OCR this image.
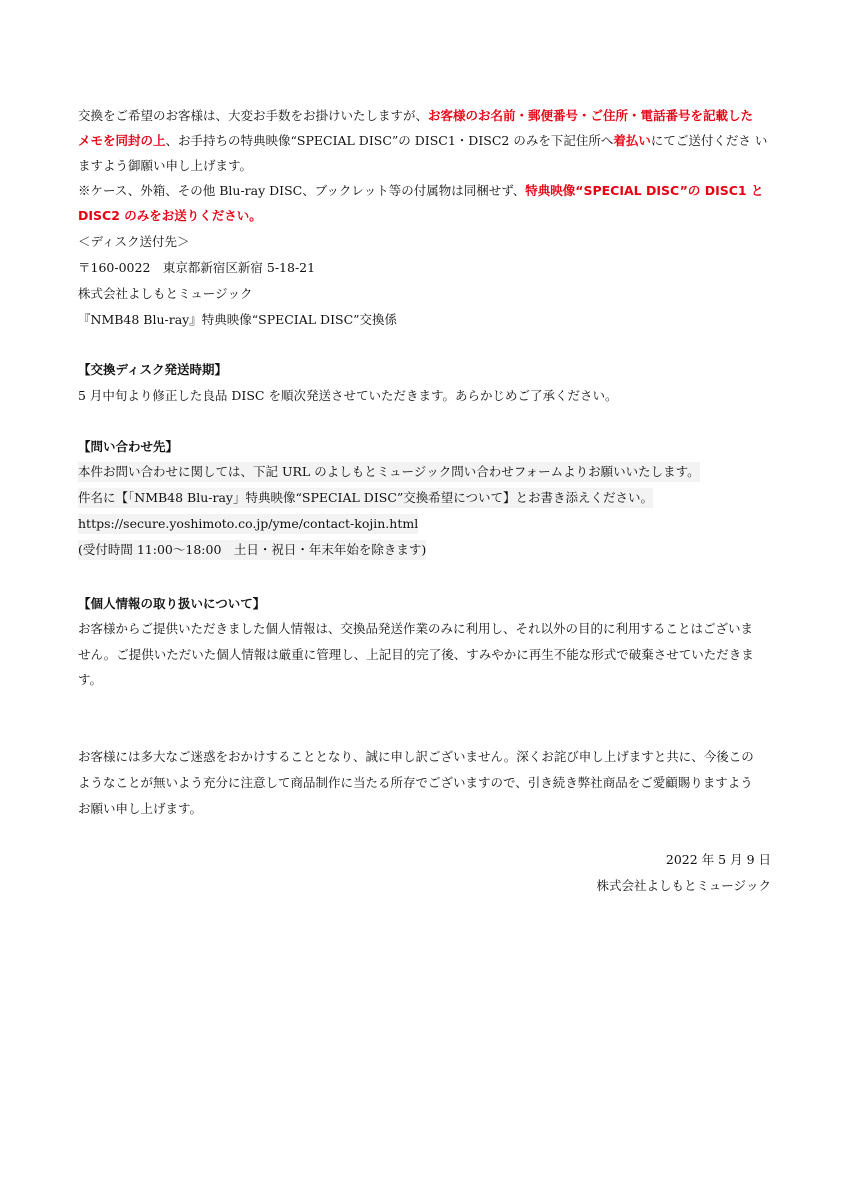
交換をご希望のお客様は、大変お手数をお掛けいたしますが、お客様のお名前・郵便番号・ご住所・電話番号を記載した
メモを同封の上、お手持ちの特典映像“SPECIAL DISC”の DISC1・DISC2 のみを下記住所へ着払いにてご送付くださ い
ますよう御願い申し上げます。
※ケース、外箱、その他 Blu-ray DISC、ブックレット等の付属物は同梱せず、特典映像“SPECIAL DISC”の DISC1 と
DISC2 のみをお送りください。
＜ディスク送付先＞
〒160-0022　東京都新宿区新宿 5-18-21
株式会社よしもとミュージック
『NMB48 Blu-ray』特典映像“SPECIAL DISC”交換係
【交換ディスク発送時期】
5 月中旬より修正した良品 DISC を順次発送させていただきます。あらかじめご了承ください。
【問い合わせ先】
本件お問い合わせに関しては、下記 URL のよしもとミュージック問い合わせフォームよりお願いいたします。
件名に【「NMB48 Blu-ray」特典映像“SPECIAL DISC”交換希望について】とお書き添えください。
https://secure.yoshimoto.co.jp/yme/contact-kojin.html
(受付時間 11:00～18:00　土日・祝日・年末年始を除きます)
【個人情報の取り扱いについて】
お客様からご提供いただきました個人情報は、交換品発送作業のみに利用し、それ以外の目的に利用することはございま
せん。ご提供いただいた個人情報は厳重に管理し、上記目的完了後、すみやかに再生不能な形式で破棄させていただきま
す。
お客様には多大なご迷惑をおかけすることとなり、誠に申し訳ございません。深くお詫び申し上げますと共に、今後この
ようなことが無いよう充分に注意して商品制作に当たる所存でございますので、引き続き弊社商品をご愛顧賜りますよう
お願い申し上げます。
2022 年 5 月 9 日
株式会社よしもとミュージック
